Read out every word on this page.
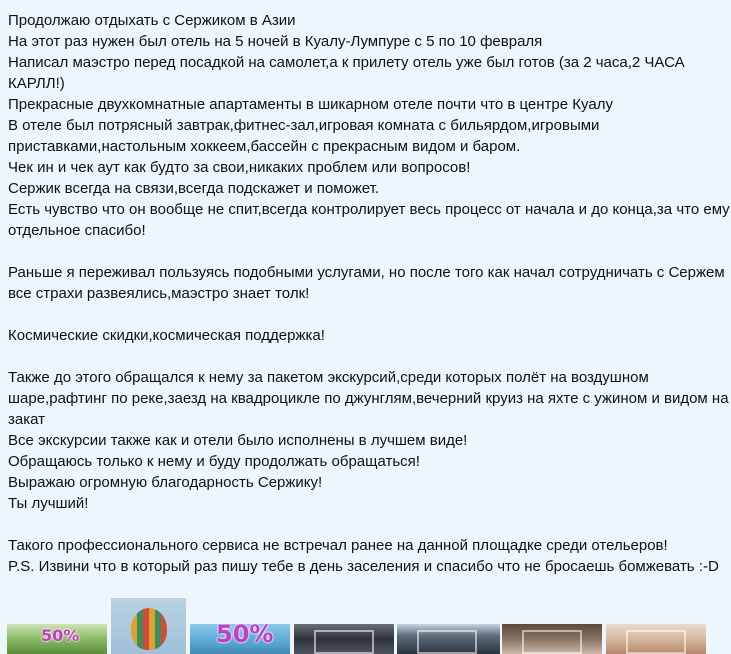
Продолжаю отдыхать с Сержиком в Азии
На этот раз нужен был отель на 5 ночей в Куалу-Лумпуре с 5 по 10 февраля
Написал маэстро перед посадкой на самолет,а к прилету отель уже был готов (за 2 часа,2 ЧАСА КАРЛЛ!)
Прекрасные двухкомнатные апартаменты в шикарном отеле почти что в центре Куалу
В отеле был потрясный завтрак,фитнес-зал,игровая комната с бильярдом,игровыми приставками,настольным хоккеем,бассейн с прекрасным видом и баром.
Чек ин и чек аут как будто за свои,никаких проблем или вопросов!
Сержик всегда на связи,всегда подскажет и поможет.
Есть чувство что он вообще не спит,всегда контролирует весь процесс от начала и до конца,за что ему отдельное спасибо!
Раньше я переживал пользуясь подобными услугами, но после того как начал сотрудничать с Сержем все страхи развеялись,маэстро знает толк!
Космические скидки,космическая поддержка!
Также до этого обращался к нему за пакетом экскурсий,среди которых полёт на воздушном шаре,рафтинг по реке,заезд на квадроцикле по джунглям,вечерний круиз на яхте с ужином и видом на закат
Все экскурсии также как и отели было исполнены в лучшем виде!
Обращаюсь только к нему и буду продолжать обращаться!
Выражаю огромную благодарность Сержику!
Ты лучший!
Такого профессионального сервиса не встречал ранее на данной площадке среди отельеров!
P.S. Извини что в который раз пишу тебе в день заселения и спасибо что не бросаешь бомжевать :-D
50%	50%
